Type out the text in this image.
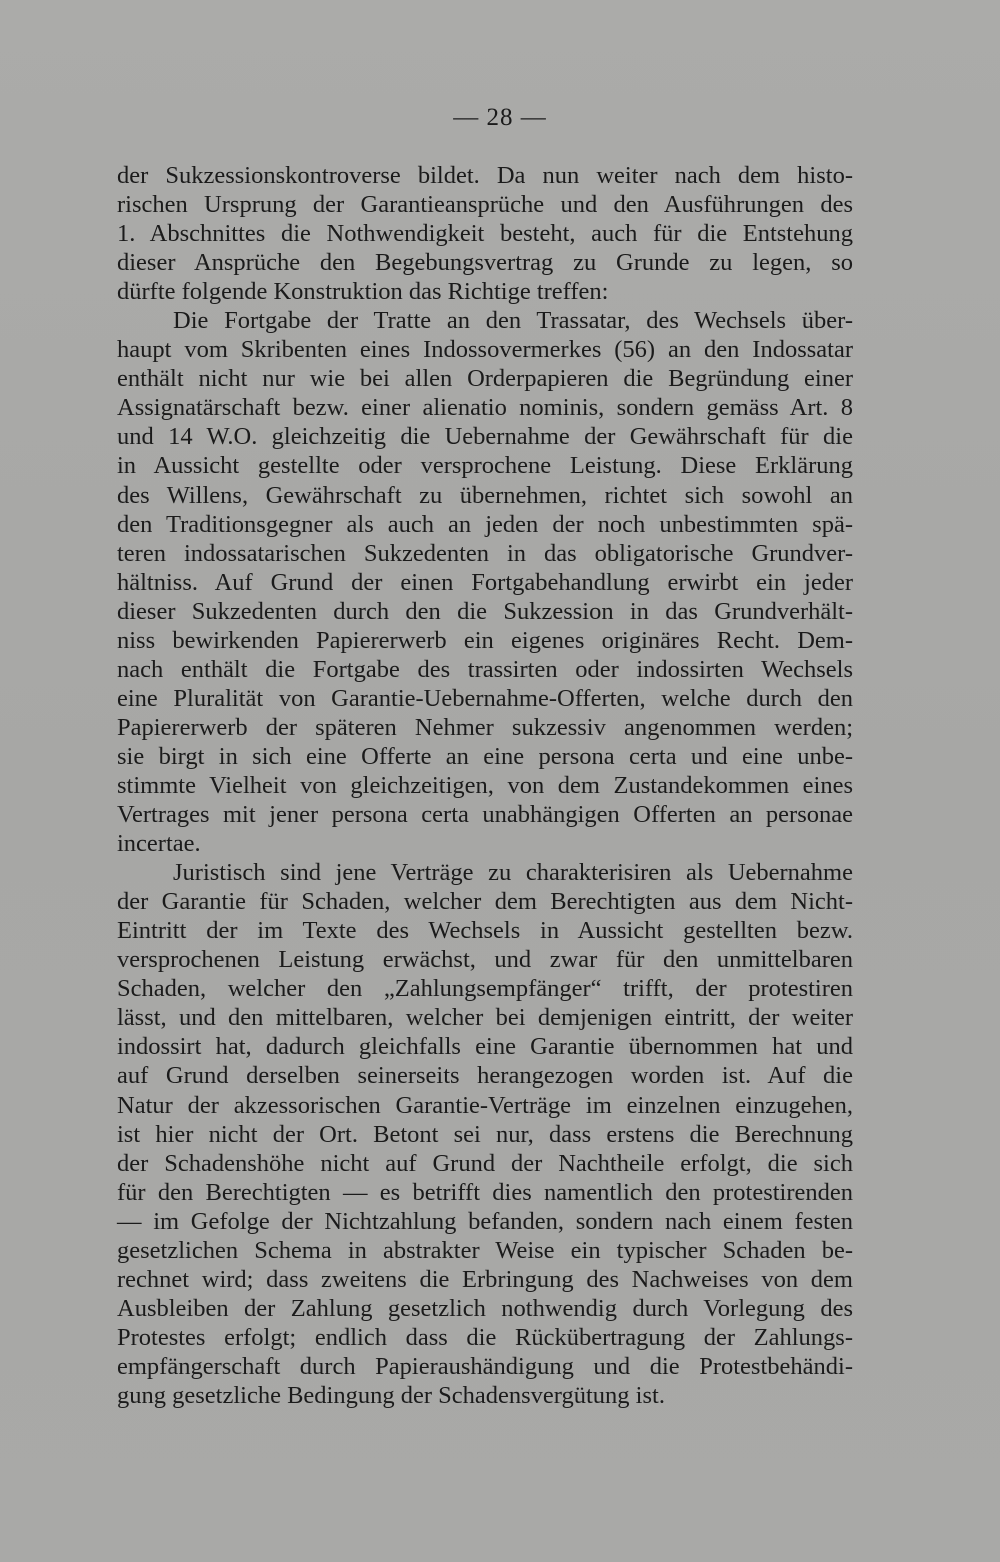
— 28 —
der Sukzessionskontroverse bildet. Da nun weiter nach dem histo-
rischen Ursprung der Garantieansprüche und den Ausführungen des
1. Abschnittes die Nothwendigkeit besteht, auch für die Entstehung
dieser Ansprüche den Begebungsvertrag zu Grunde zu legen, so
dürfte folgende Konstruktion das Richtige treffen:
Die Fortgabe der Tratte an den Trassatar, des Wechsels über-
haupt vom Skribenten eines Indossovermerkes (56) an den Indossatar
enthält nicht nur wie bei allen Orderpapieren die Begründung einer
Assignatärschaft bezw. einer alienatio nominis, sondern gemäss Art. 8
und 14 W.O. gleichzeitig die Uebernahme der Gewährschaft für die
in Aussicht gestellte oder versprochene Leistung. Diese Erklärung
des Willens, Gewährschaft zu übernehmen, richtet sich sowohl an
den Traditionsgegner als auch an jeden der noch unbestimmten spä-
teren indossatarischen Sukzedenten in das obligatorische Grundver-
hältniss. Auf Grund der einen Fortgabehandlung erwirbt ein jeder
dieser Sukzedenten durch den die Sukzession in das Grundverhält-
niss bewirkenden Papiererwerb ein eigenes originäres Recht. Dem-
nach enthält die Fortgabe des trassirten oder indossirten Wechsels
eine Pluralität von Garantie-Uebernahme-Offerten, welche durch den
Papiererwerb der späteren Nehmer sukzessiv angenommen werden;
sie birgt in sich eine Offerte an eine persona certa und eine unbe-
stimmte Vielheit von gleichzeitigen, von dem Zustandekommen eines
Vertrages mit jener persona certa unabhängigen Offerten an personae
incertae.
Juristisch sind jene Verträge zu charakterisiren als Uebernahme
der Garantie für Schaden, welcher dem Berechtigten aus dem Nicht-
Eintritt der im Texte des Wechsels in Aussicht gestellten bezw.
versprochenen Leistung erwächst, und zwar für den unmittelbaren
Schaden, welcher den „Zahlungsempfänger“ trifft, der protestiren
lässt, und den mittelbaren, welcher bei demjenigen eintritt, der weiter
indossirt hat, dadurch gleichfalls eine Garantie übernommen hat und
auf Grund derselben seinerseits herangezogen worden ist. Auf die
Natur der akzessorischen Garantie-Verträge im einzelnen einzugehen,
ist hier nicht der Ort. Betont sei nur, dass erstens die Berechnung
der Schadenshöhe nicht auf Grund der Nachtheile erfolgt, die sich
für den Berechtigten — es betrifft dies namentlich den protestirenden
— im Gefolge der Nichtzahlung befanden, sondern nach einem festen
gesetzlichen Schema in abstrakter Weise ein typischer Schaden be-
rechnet wird; dass zweitens die Erbringung des Nachweises von dem
Ausbleiben der Zahlung gesetzlich nothwendig durch Vorlegung des
Protestes erfolgt; endlich dass die Rückübertragung der Zahlungs-
empfängerschaft durch Papieraushändigung und die Protestbehändi-
gung gesetzliche Bedingung der Schadensvergütung ist.
